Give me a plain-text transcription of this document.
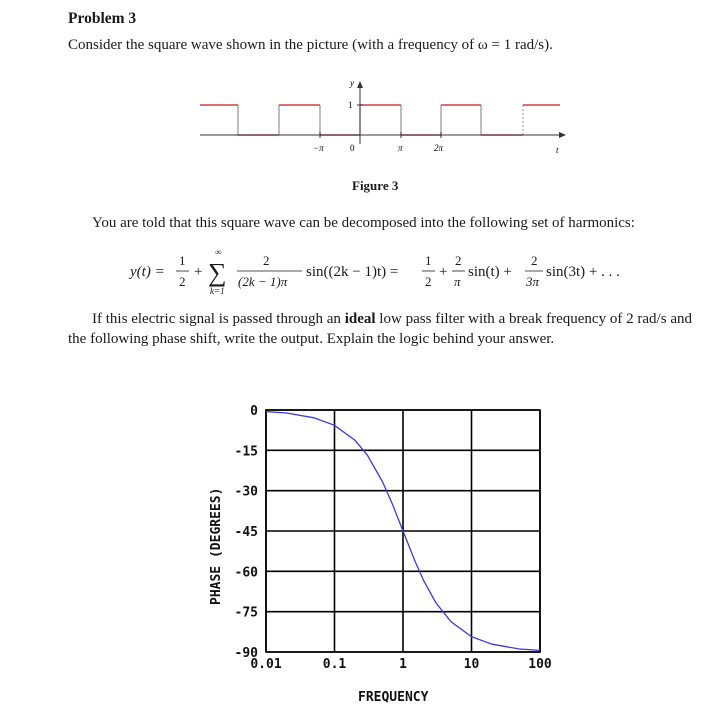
Problem 3
Consider the square wave shown in the picture (with a frequency of ω = 1 rad/s).
y
1
t
−π	0	π	2π
Figure 3
You are told that this square wave can be decomposed into the following set of harmonics:
y(t) =
1
2
+
∞
∑
k=1
2
(2k − 1)π
sin((2k − 1)t) =
1
2
+
2
π
sin(t) +
2
3π
sin(3t) + . . .
If this electric signal is passed through an ideal low pass filter with a break frequency of 2 rad/s and the following phase shift, write the output. Explain the logic behind your answer.
0
-15
-30
-45
-60
-75
-90
0.01	0.1	1	10	100
PHASE (DEGREES)
FREQUENCY
